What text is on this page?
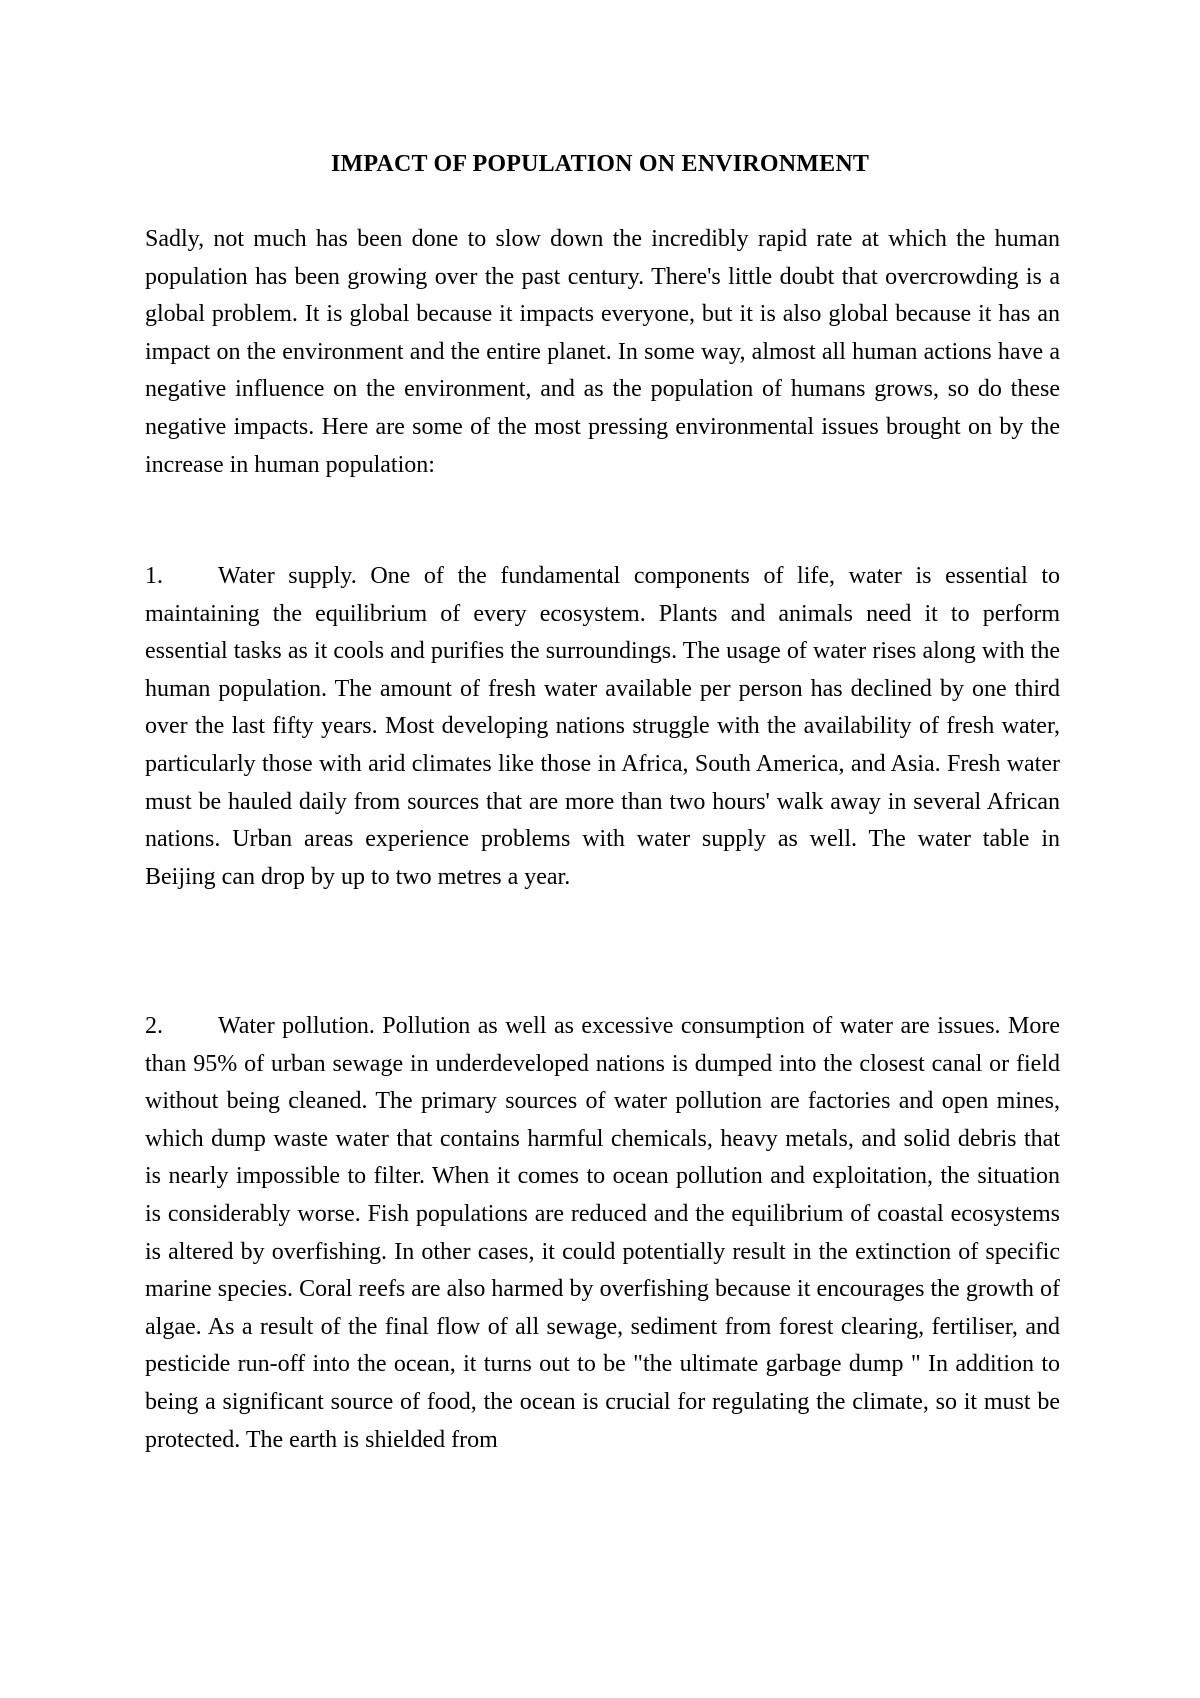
IMPACT OF POPULATION ON ENVIRONMENT

Sadly, not much has been done to slow down the incredibly rapid rate at which the human population has been growing over the past century. There's little doubt that overcrowding is a global problem. It is global because it impacts everyone, but it is also global because it has an impact on the environment and the entire planet. In some way, almost all human actions have a negative influence on the environment, and as the population of humans grows, so do these negative impacts. Here are some of the most pressing environmental issues brought on by the increase in human population:

1. Water supply. One of the fundamental components of life, water is essential to maintaining the equilibrium of every ecosystem. Plants and animals need it to perform essential tasks as it cools and purifies the surroundings. The usage of water rises along with the human population. The amount of fresh water available per person has declined by one third over the last fifty years. Most developing nations struggle with the availability of fresh water, particularly those with arid climates like those in Africa, South America, and Asia. Fresh water must be hauled daily from sources that are more than two hours' walk away in several African nations. Urban areas experience problems with water supply as well. The water table in Beijing can drop by up to two metres a year.

2. Water pollution. Pollution as well as excessive consumption of water are issues. More than 95% of urban sewage in underdeveloped nations is dumped into the closest canal or field without being cleaned. The primary sources of water pollution are factories and open mines, which dump waste water that contains harmful chemicals, heavy metals, and solid debris that is nearly impossible to filter. When it comes to ocean pollution and exploitation, the situation is considerably worse. Fish populations are reduced and the equilibrium of coastal ecosystems is altered by overfishing. In other cases, it could potentially result in the extinction of specific marine species. Coral reefs are also harmed by overfishing because it encourages the growth of algae. As a result of the final flow of all sewage, sediment from forest clearing, fertiliser, and pesticide run-off into the ocean, it turns out to be "the ultimate garbage dump " In addition to being a significant source of food, the ocean is crucial for regulating the climate, so it must be protected. The earth is shielded from
